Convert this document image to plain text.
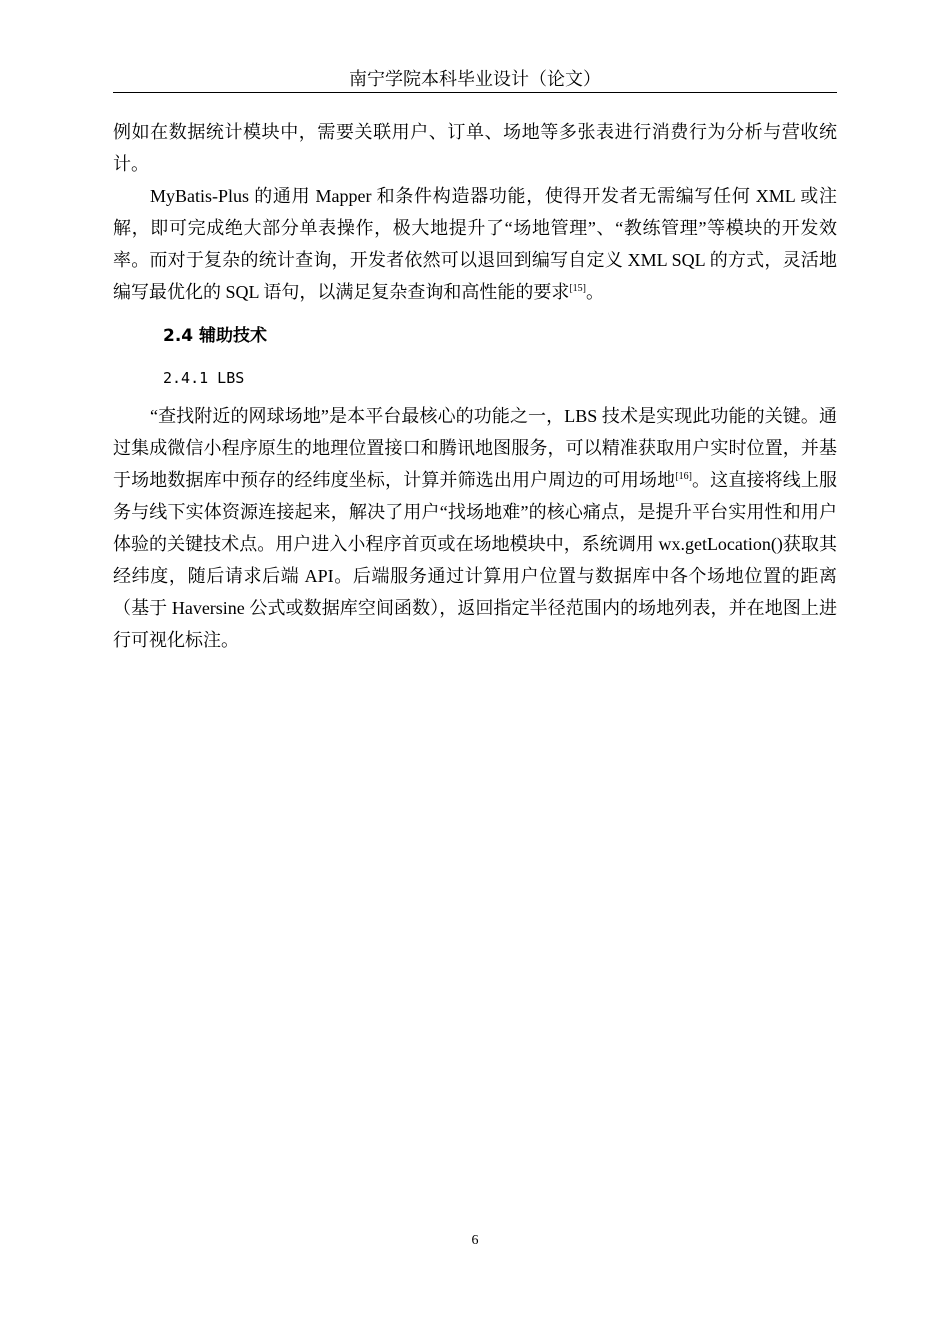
南宁学院本科毕业设计（论文）

例如在数据统计模块中，需要关联用户、订单、场地等多张表进行消费行为分析与营收统计。

MyBatis-Plus 的通用 Mapper 和条件构造器功能，使得开发者无需编写任何 XML 或注解，即可完成绝大部分单表操作，极大地提升了“场地管理”、“教练管理”等模块的开发效率。而对于复杂的统计查询，开发者依然可以退回到编写自定义 XML SQL 的方式，灵活地编写最优化的 SQL 语句，以满足复杂查询和高性能的要求[15]。

2.4 辅助技术
2.4.1 LBS

“查找附近的网球场地”是本平台最核心的功能之一，LBS 技术是实现此功能的关键。通过集成微信小程序原生的地理位置接口和腾讯地图服务，可以精准获取用户实时位置，并基于场地数据库中预存的经纬度坐标，计算并筛选出用户周边的可用场地[16]。这直接将线上服务与线下实体资源连接起来，解决了用户“找场地难”的核心痛点，是提升平台实用性和用户体验的关键技术点。用户进入小程序首页或在场地模块中，系统调用 wx.getLocation()获取其经纬度，随后请求后端 API。后端服务通过计算用户位置与数据库中各个场地位置的距离（基于 Haversine 公式或数据库空间函数），返回指定半径范围内的场地列表，并在地图上进行可视化标注。

6
